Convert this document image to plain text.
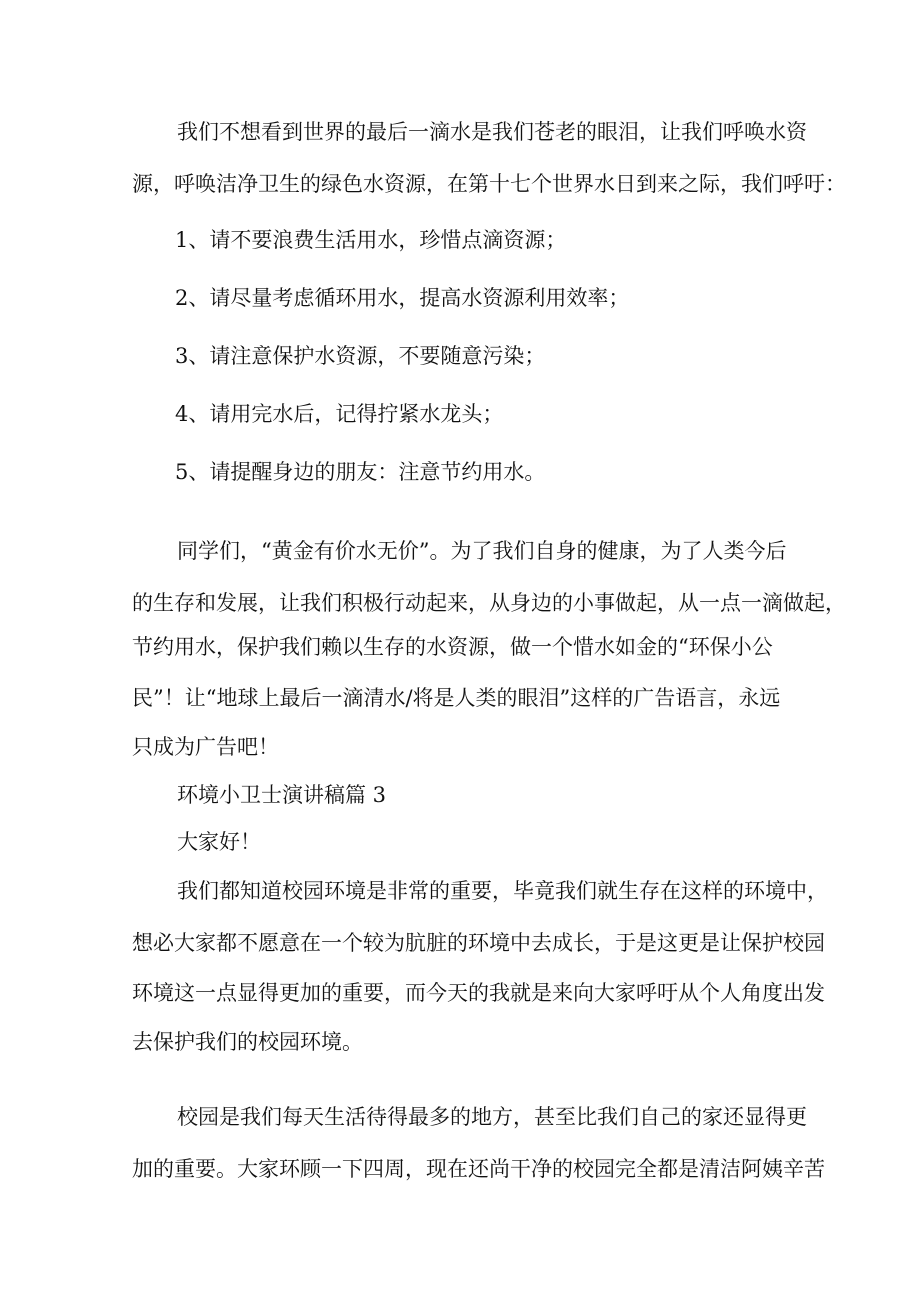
我们不想看到世界的最后一滴水是我们苍老的眼泪，让我们呼唤水资
源，呼唤洁净卫生的绿色水资源，在第十七个世界水日到来之际，我们呼吁：
1、请不要浪费生活用水，珍惜点滴资源；
2、请尽量考虑循环用水，提高水资源利用效率；
3、请注意保护水资源，不要随意污染；
4、请用完水后，记得拧紧水龙头；
5、请提醒身边的朋友：注意节约用水。
同学们，“黄金有价水无价”。为了我们自身的健康，为了人类今后
的生存和发展，让我们积极行动起来，从身边的小事做起，从一点一滴做起，
节约用水，保护我们赖以生存的水资源，做一个惜水如金的“环保小公
民”！让“地球上最后一滴清水/将是人类的眼泪”这样的广告语言，永远
只成为广告吧！
环境小卫士演讲稿篇 3
大家好！
我们都知道校园环境是非常的重要，毕竟我们就生存在这样的环境中，
想必大家都不愿意在一个较为肮脏的环境中去成长，于是这更是让保护校园
环境这一点显得更加的重要，而今天的我就是来向大家呼吁从个人角度出发
去保护我们的校园环境。
校园是我们每天生活待得最多的地方，甚至比我们自己的家还显得更
加的重要。大家环顾一下四周，现在还尚干净的校园完全都是清洁阿姨辛苦
